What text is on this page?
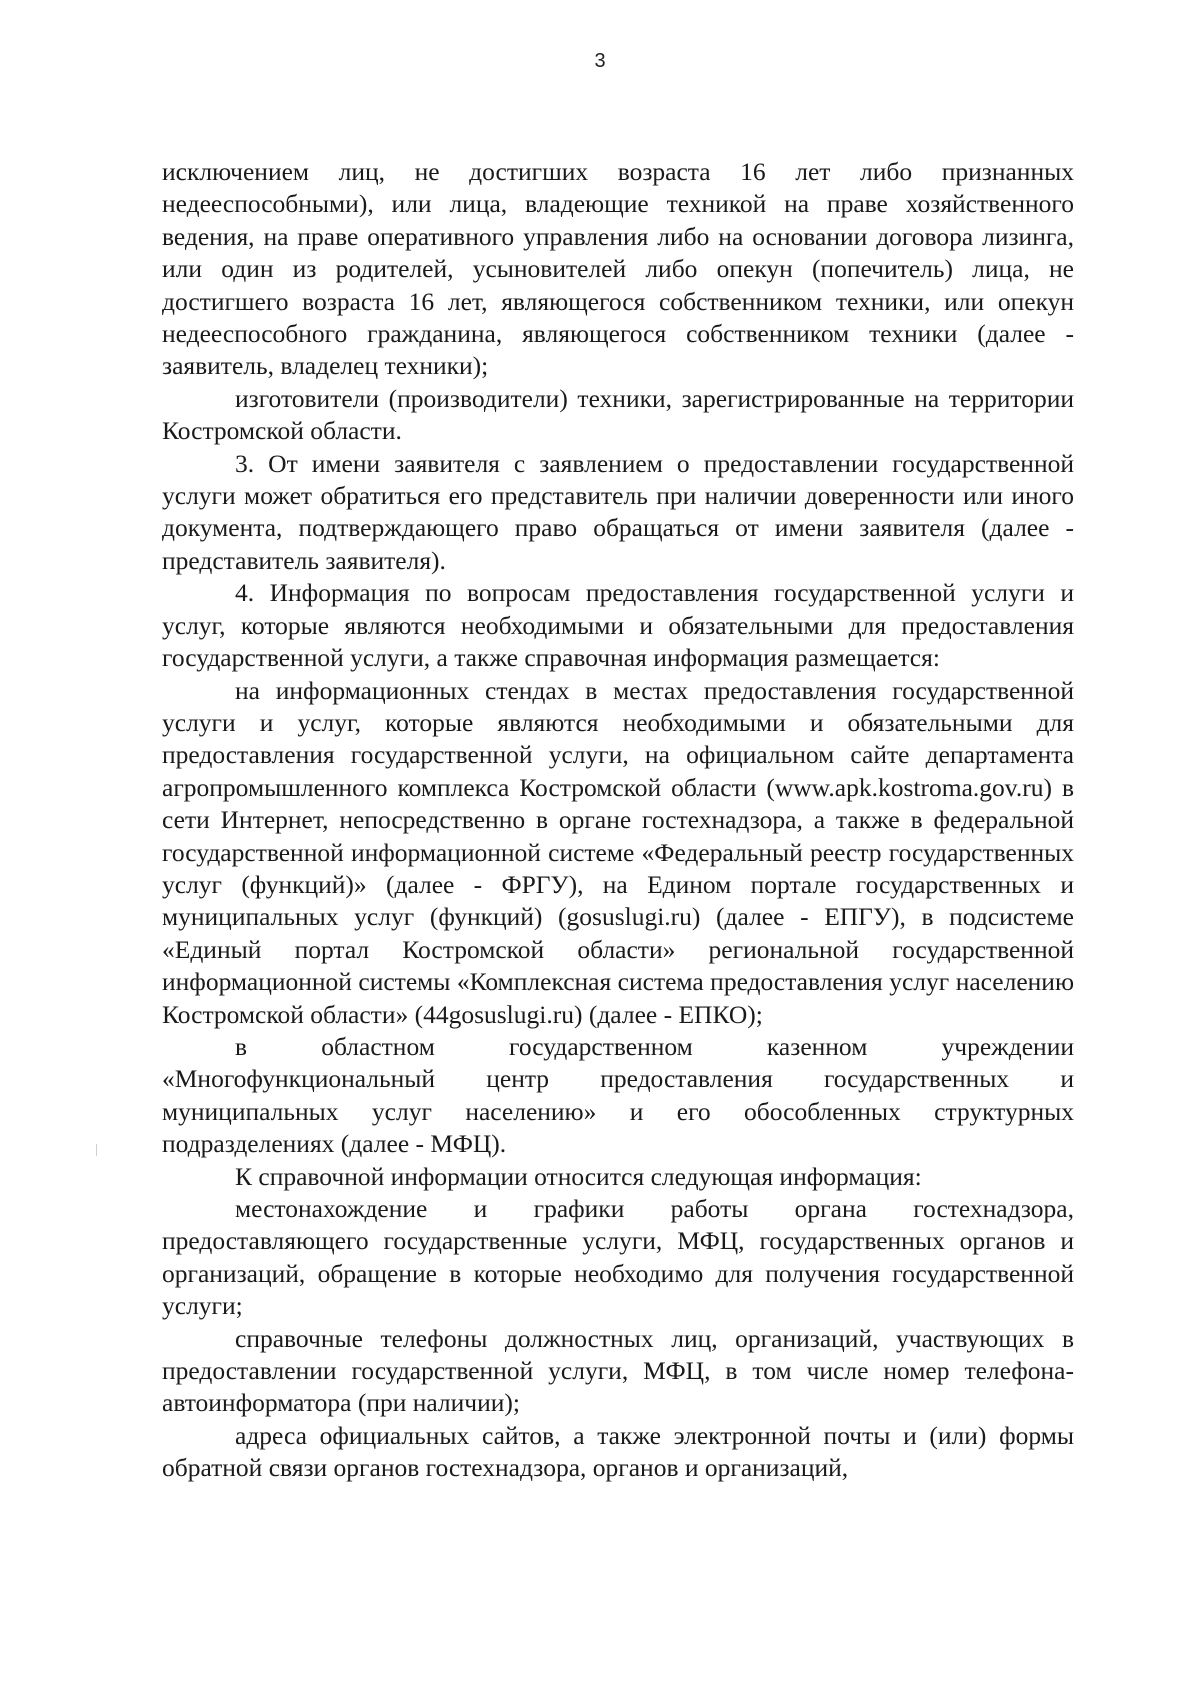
3

исключением лиц, не достигших возраста 16 лет либо признанных недееспособными), или лица, владеющие техникой на праве хозяйственного ведения, на праве оперативного управления либо на основании договора лизинга, или один из родителей, усыновителей либо опекун (попечитель) лица, не достигшего возраста 16 лет, являющегося собственником техники, или опекун недееспособного гражданина, являющегося собственником техники (далее - заявитель, владелец техники);

изготовители (производители) техники, зарегистрированные на территории Костромской области.

3. От имени заявителя с заявлением о предоставлении государственной услуги может обратиться его представитель при наличии доверенности или иного документа, подтверждающего право обращаться от имени заявителя (далее - представитель заявителя).

4. Информация по вопросам предоставления государственной услуги и услуг, которые являются необходимыми и обязательными для предоставления государственной услуги, а также справочная информация размещается:

на информационных стендах в местах предоставления государственной услуги и услуг, которые являются необходимыми и обязательными для предоставления государственной услуги, на официальном сайте департамента агропромышленного комплекса Костромской области (www.apk.kostroma.gov.ru) в сети Интернет, непосредственно в органе гостехнадзора, а также в федеральной государственной информационной системе «Федеральный реестр государственных услуг (функций)» (далее - ФРГУ), на Едином портале государственных и муниципальных услуг (функций) (gosuslugi.ru) (далее - ЕПГУ), в подсистеме «Единый портал Костромской области» региональной государственной информационной системы «Комплексная система предоставления услуг населению Костромской области» (44gosuslugi.ru) (далее - ЕПКО);

в областном государственном казенном учреждении «Многофункциональный центр предоставления государственных и муниципальных услуг населению» и его обособленных структурных подразделениях (далее - МФЦ).

К справочной информации относится следующая информация:

местонахождение и графики работы органа гостехнадзора, предоставляющего государственные услуги, МФЦ, государственных органов и организаций, обращение в которые необходимо для получения государственной услуги;

справочные телефоны должностных лиц, организаций, участвующих в предоставлении государственной услуги, МФЦ, в том числе номер телефона-автоинформатора (при наличии);

адреса официальных сайтов, а также электронной почты и (или) формы обратной связи органов гостехнадзора, органов и организаций,
